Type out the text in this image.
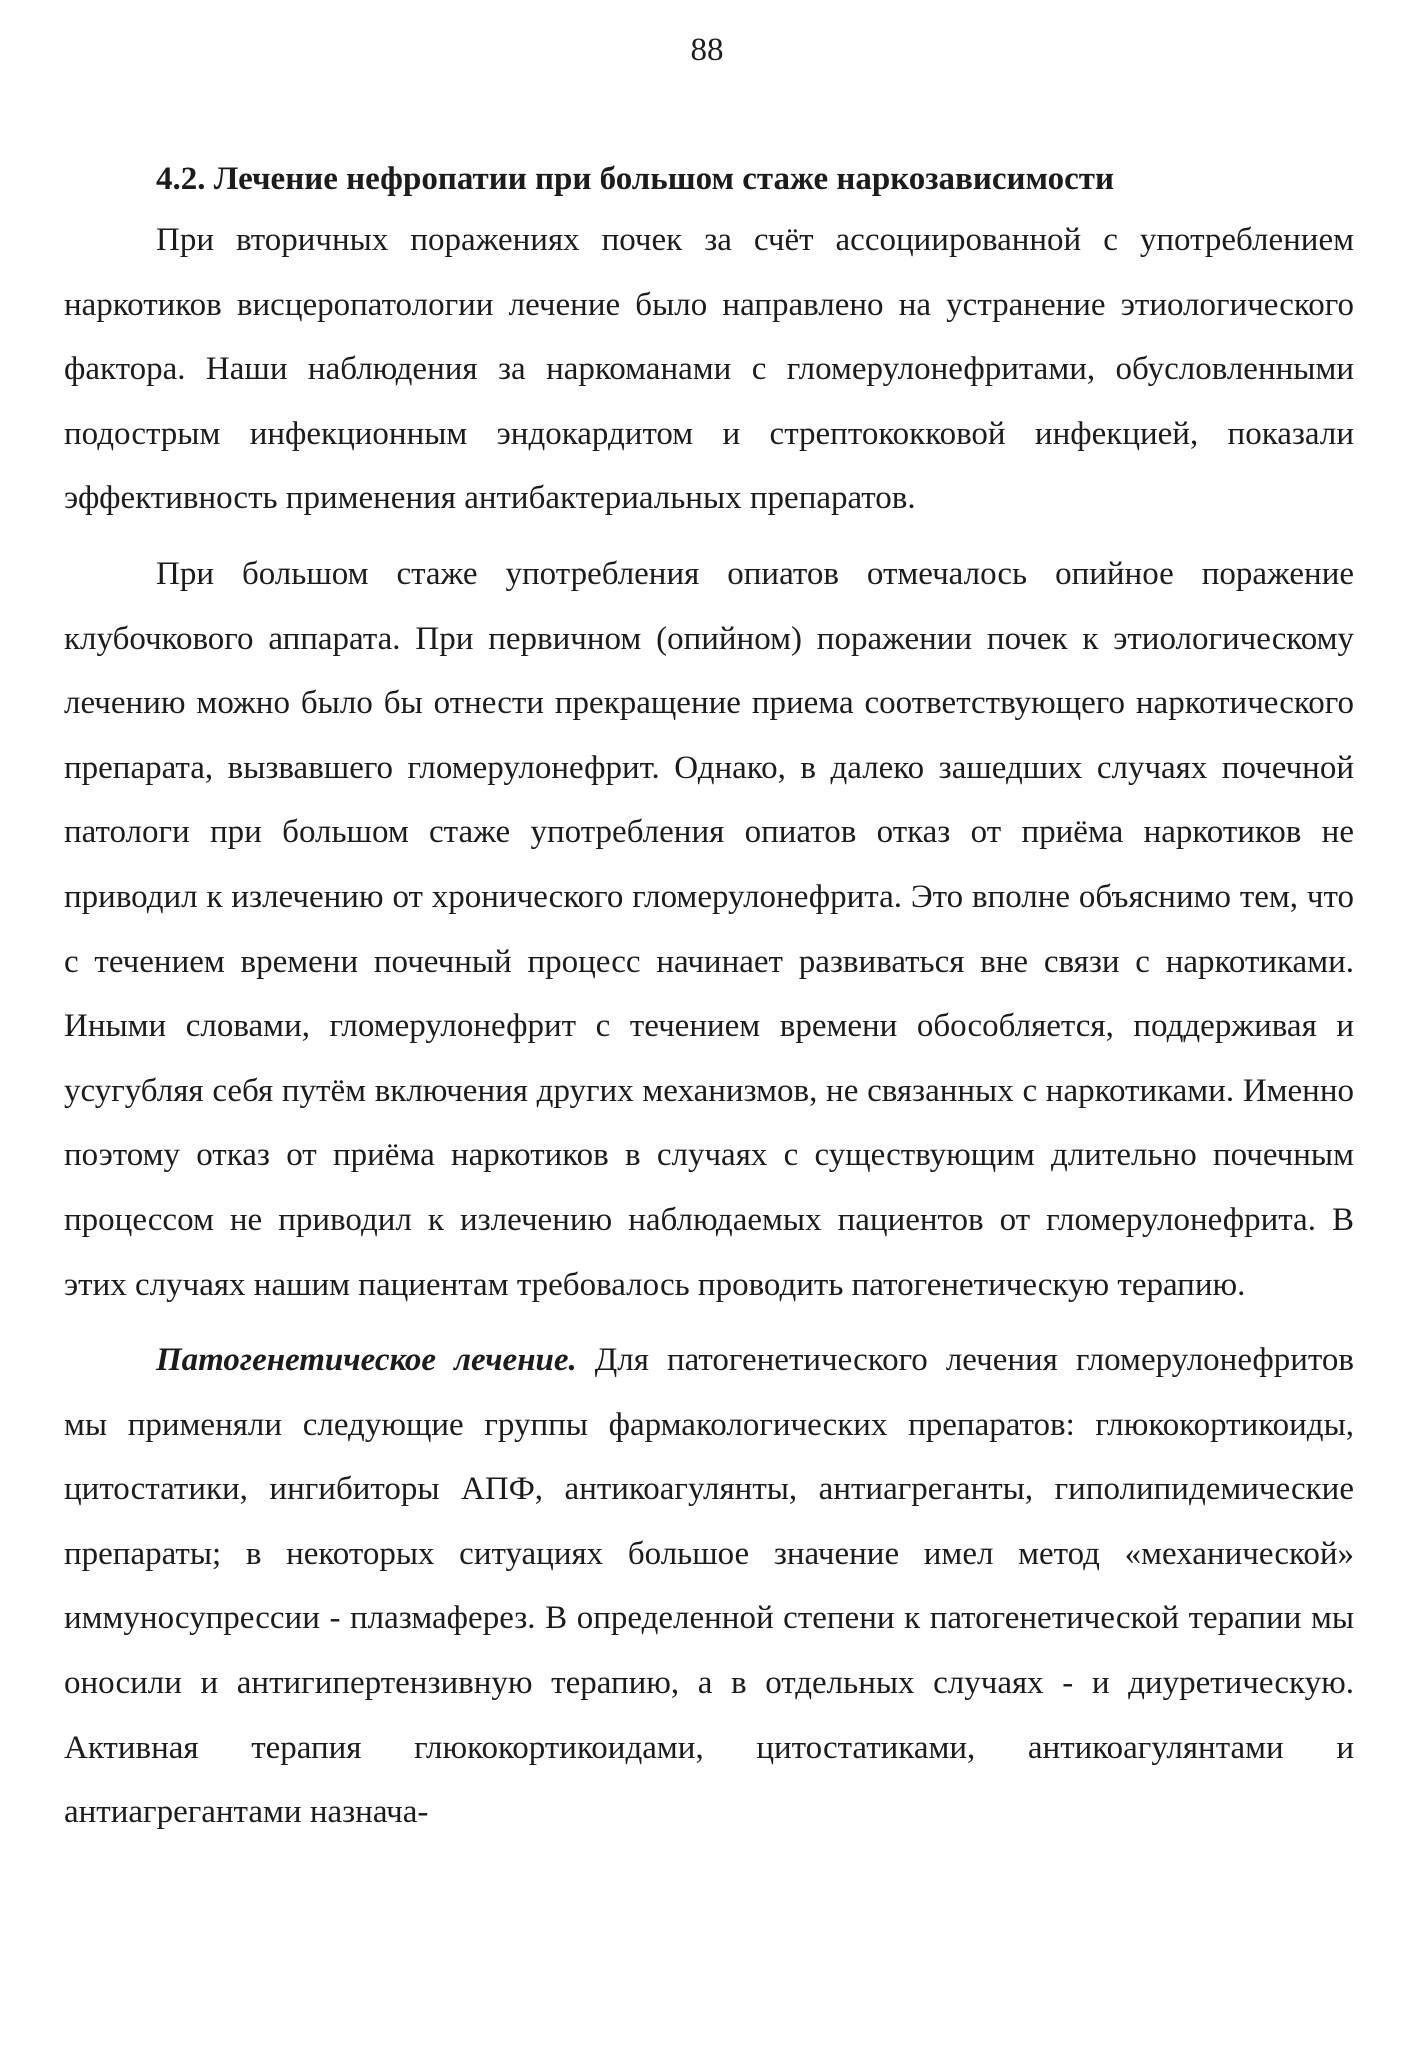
88
4.2. Лечение нефропатии при большом стаже наркозависимости

При вторичных поражениях почек за счёт ассоциированной с употреблением наркотиков висцеропатологии лечение было направлено на устранение этиологического фактора. Наши наблюдения за наркоманами с гломерулонефритами, обусловленными подострым инфекционным эндокардитом и стрептококковой инфекцией, показали эффективность применения антибактериальных препаратов.

При большом стаже употребления опиатов отмечалось опийное поражение клубочкового аппарата. При первичном (опийном) поражении почек к этиологическому лечению можно было бы отнести прекращение приема соответствующего наркотического препарата, вызвавшего гломерулонефрит. Однако, в далеко зашедших случаях почечной патологи при большом стаже употребления опиатов отказ от приёма наркотиков не приводил к излечению от хронического гломерулонефрита. Это вполне объяснимо тем, что с течением времени почечный процесс начинает развиваться вне связи с наркотиками. Иными словами, гломерулонефрит с течением времени обособляется, поддерживая и усугубляя себя путём включения других механизмов, не связанных с наркотиками. Именно поэтому отказ от приёма наркотиков в случаях с существующим длительно почечным процессом не приводил к излечению наблюдаемых пациентов от гломерулонефрита. В этих случаях нашим пациентам требовалось проводить патогенетическую терапию.

Патогенетическое лечение. Для патогенетического лечения гломерулонефритов мы применяли следующие группы фармакологических препаратов: глюкокортикоиды, цитостатики, ингибиторы АПФ, антикоагулянты, антиагреганты, гиполипидемические препараты; в некоторых ситуациях большое значение имел метод «механической» иммуносупрессии - плазмаферез. В определенной степени к патогенетической терапии мы оносили и антигипертензивную терапию, а в отдельных случаях - и диуретическую. Активная терапия глюкокортикоидами, цитостатиками, антикоагулянтами и антиагрегантами назнача-
